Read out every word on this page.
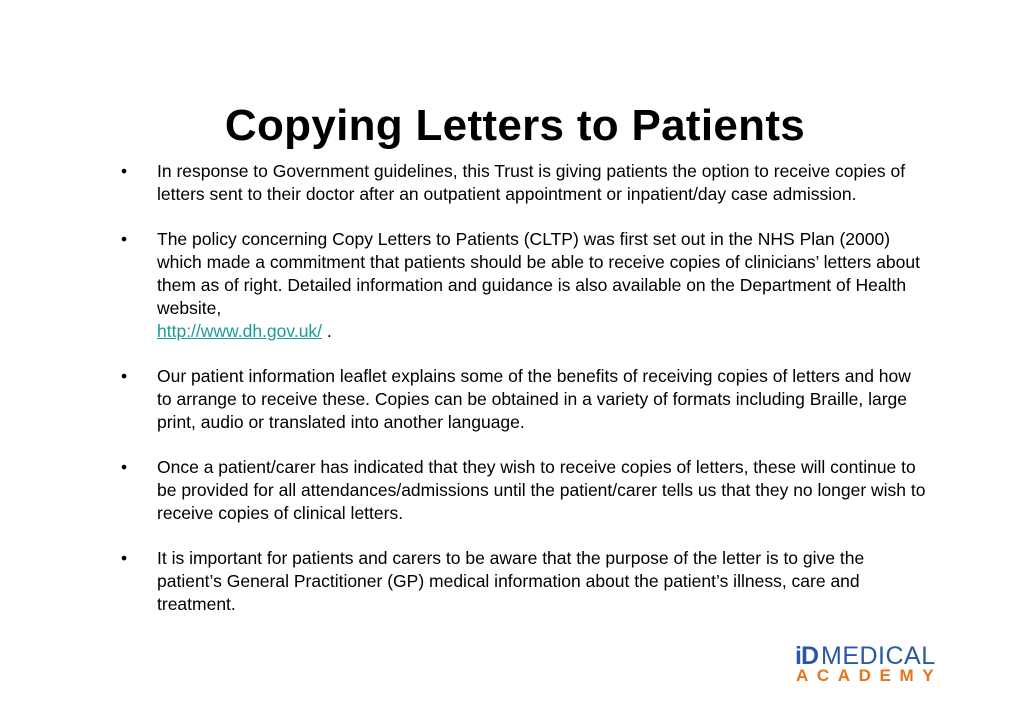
Copying Letters to Patients
• In response to Government guidelines, this Trust is giving patients the option to receive copies of letters sent to their doctor after an outpatient appointment or inpatient/day case admission.
• The policy concerning Copy Letters to Patients (CLTP) was first set out in the NHS Plan (2000) which made a commitment that patients should be able to receive copies of clinicians’ letters about them as of right. Detailed information and guidance is also available on the Department of Health website,
http://www.dh.gov.uk/ .
• Our patient information leaflet explains some of the benefits of receiving copies of letters and how to arrange to receive these. Copies can be obtained in a variety of formats including Braille, large print, audio or translated into another language.
• Once a patient/carer has indicated that they wish to receive copies of letters, these will continue to be provided for all attendances/admissions until the patient/carer tells us that they no longer wish to receive copies of clinical letters.
• It is important for patients and carers to be aware that the purpose of the letter is to give the patient’s General Practitioner (GP) medical information about the patient’s illness, care and treatment.
iD MEDICAL
ACADEMY
